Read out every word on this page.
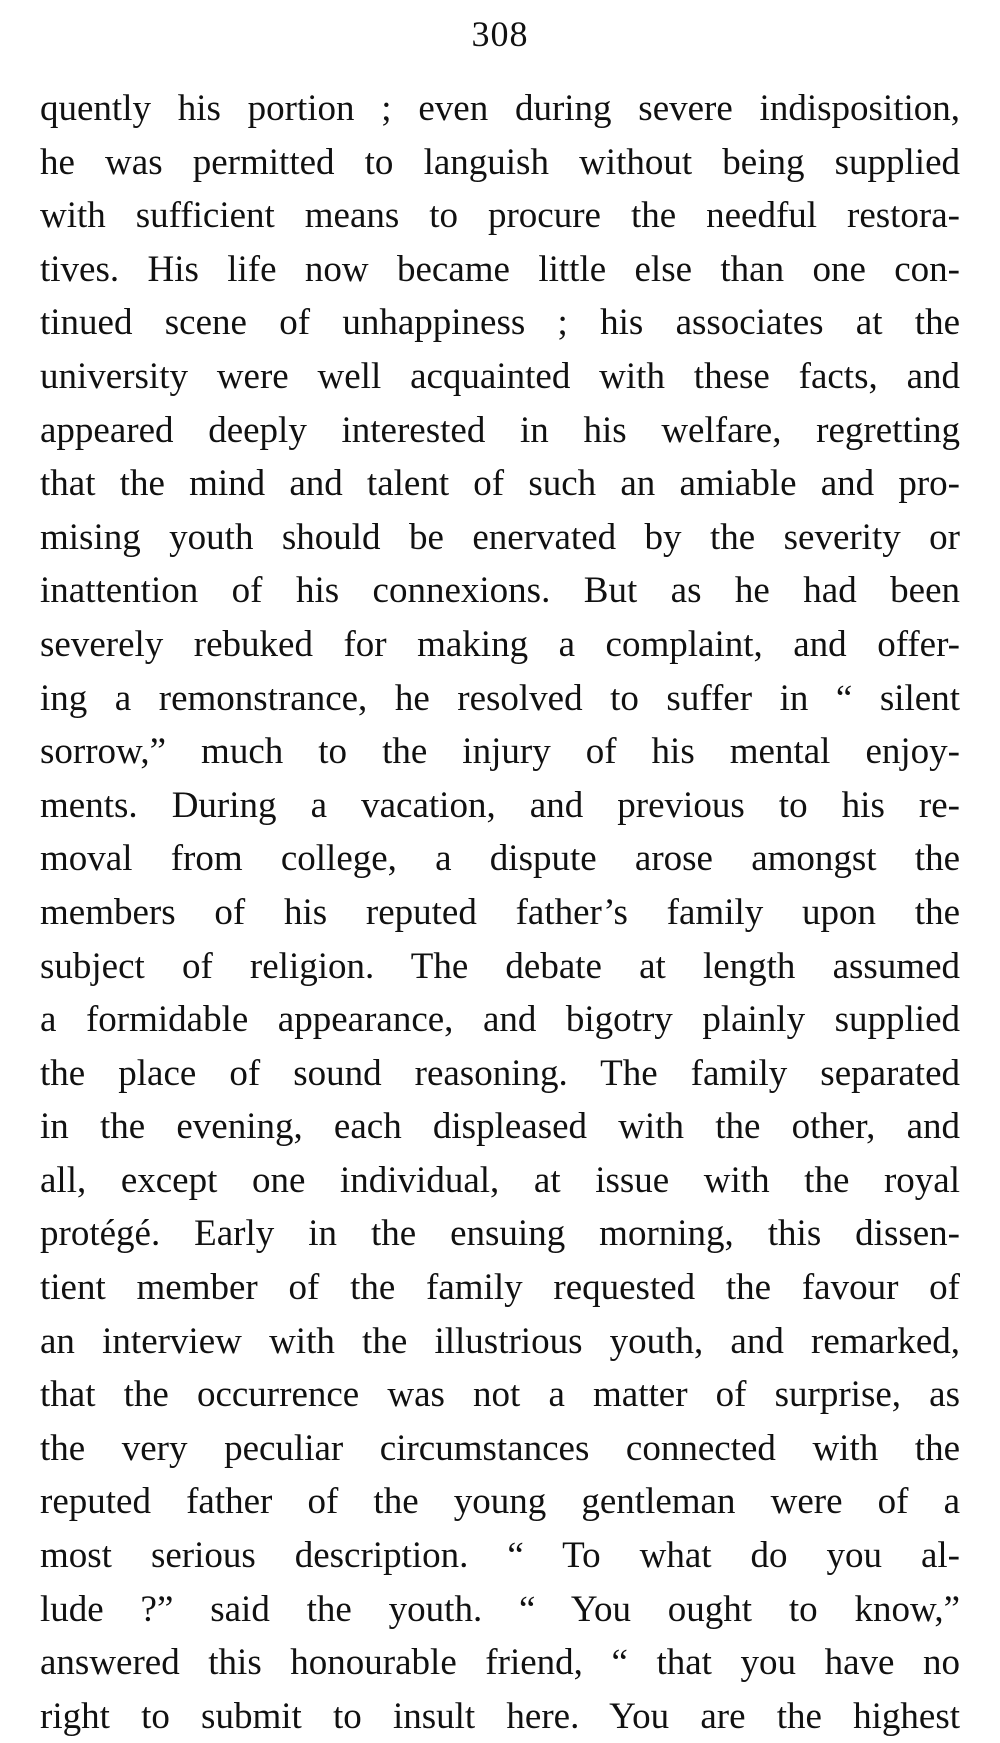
308
quently his portion ; even during severe indisposition,
he was permitted to languish without being supplied
with sufficient means to procure the needful restora-
tives. His life now became little else than one con-
tinued scene of unhappiness ; his associates at the
university were well acquainted with these facts, and
appeared deeply interested in his welfare, regretting
that the mind and talent of such an amiable and pro-
mising youth should be enervated by the severity or
inattention of his connexions. But as he had been
severely rebuked for making a complaint, and offer-
ing a remonstrance, he resolved to suffer in “ silent
sorrow,” much to the injury of his mental enjoy-
ments. During a vacation, and previous to his re-
moval from college, a dispute arose amongst the
members of his reputed father’s family upon the
subject of religion. The debate at length assumed
a formidable appearance, and bigotry plainly supplied
the place of sound reasoning. The family separated
in the evening, each displeased with the other, and
all, except one individual, at issue with the royal
protégé. Early in the ensuing morning, this dissen-
tient member of the family requested the favour of
an interview with the illustrious youth, and remarked,
that the occurrence was not a matter of surprise, as
the very peculiar circumstances connected with the
reputed father of the young gentleman were of a
most serious description. “ To what do you al-
lude ?” said the youth. “ You ought to know,”
answered this honourable friend, “ that you have no
right to submit to insult here. You are the highest
